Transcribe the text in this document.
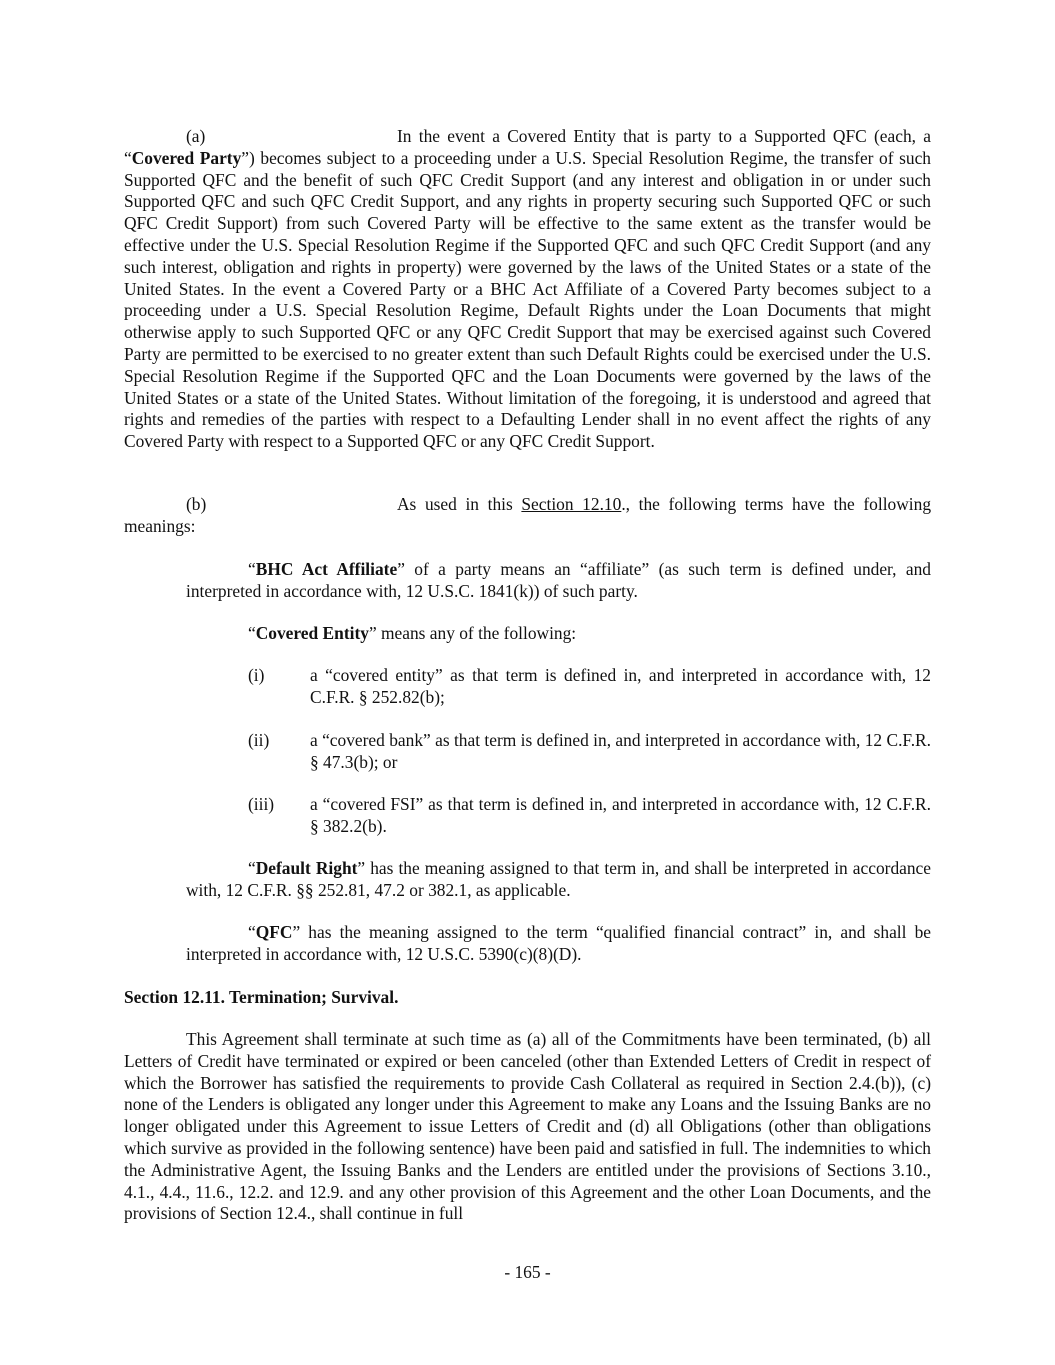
(a)	In the event a Covered Entity that is party to a Supported QFC (each, a “Covered Party”) becomes subject to a proceeding under a U.S. Special Resolution Regime, the transfer of such Supported QFC and the benefit of such QFC Credit Support (and any interest and obligation in or under such Supported QFC and such QFC Credit Support, and any rights in property securing such Supported QFC or such QFC Credit Support) from such Covered Party will be effective to the same extent as the transfer would be effective under the U.S. Special Resolution Regime if the Supported QFC and such QFC Credit Support (and any such interest, obligation and rights in property) were governed by the laws of the United States or a state of the United States. In the event a Covered Party or a BHC Act Affiliate of a Covered Party becomes subject to a proceeding under a U.S. Special Resolution Regime, Default Rights under the Loan Documents that might otherwise apply to such Supported QFC or any QFC Credit Support that may be exercised against such Covered Party are permitted to be exercised to no greater extent than such Default Rights could be exercised under the U.S. Special Resolution Regime if the Supported QFC and the Loan Documents were governed by the laws of the United States or a state of the United States. Without limitation of the foregoing, it is understood and agreed that rights and remedies of the parties with respect to a Defaulting Lender shall in no event affect the rights of any Covered Party with respect to a Supported QFC or any QFC Credit Support.

(b)	As used in this Section 12.10., the following terms have the following meanings:

“BHC Act Affiliate” of a party means an “affiliate” (as such term is defined under, and interpreted in accordance with, 12 U.S.C. 1841(k)) of such party.

“Covered Entity” means any of the following:

(i)	a “covered entity” as that term is defined in, and interpreted in accordance with, 12 C.F.R. § 252.82(b);

(ii) a “covered bank” as that term is defined in, and interpreted in accordance with, 12 C.F.R. § 47.3(b); or

(iii) a “covered FSI” as that term is defined in, and interpreted in accordance with, 12 C.F.R. § 382.2(b).

“Default Right” has the meaning assigned to that term in, and shall be interpreted in accordance with, 12 C.F.R. §§ 252.81, 47.2 or 382.1, as applicable.

“QFC” has the meaning assigned to the term “qualified financial contract” in, and shall be interpreted in accordance with, 12 U.S.C. 5390(c)(8)(D).

Section 12.11. Termination; Survival.

This Agreement shall terminate at such time as (a) all of the Commitments have been terminated, (b) all Letters of Credit have terminated or expired or been canceled (other than Extended Letters of Credit in respect of which the Borrower has satisfied the requirements to provide Cash Collateral as required in Section 2.4.(b)), (c) none of the Lenders is obligated any longer under this Agreement to make any Loans and the Issuing Banks are no longer obligated under this Agreement to issue Letters of Credit and (d) all Obligations (other than obligations which survive as provided in the following sentence) have been paid and satisfied in full. The indemnities to which the Administrative Agent, the Issuing Banks and the Lenders are entitled under the provisions of Sections 3.10., 4.1., 4.4., 11.6., 12.2. and 12.9. and any other provision of this Agreement and the other Loan Documents, and the provisions of Section 12.4., shall continue in full

- 165 -
